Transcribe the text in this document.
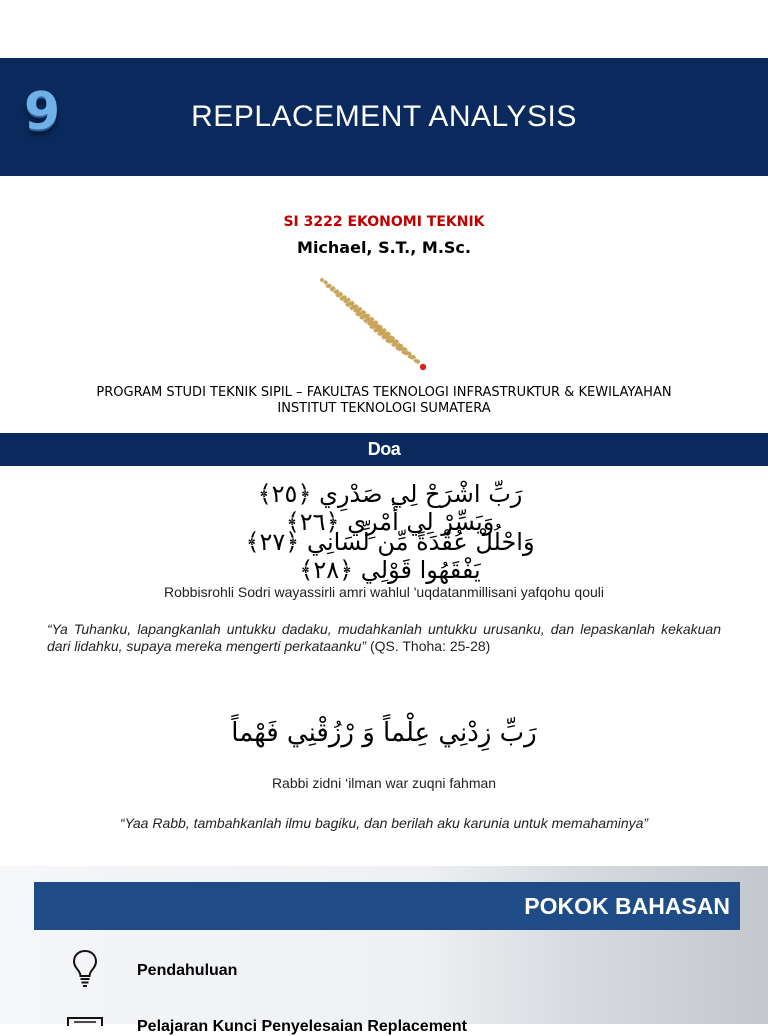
9	REPLACEMENT ANALYSIS
SI 3222 EKONOMI TEKNIK
Michael, S.T., M.Sc.
PROGRAM STUDI TEKNIK SIPIL – FAKULTAS TEKNOLOGI INFRASTRUKTUR & KEWILAYAHAN
INSTITUT TEKNOLOGI SUMATERA
Doa
رَبِّ اشْرَحْ لِي صَدْرِي ﴿٢٥﴾ وَيَسِّرْ لِي أَمْرِي ﴿٢٦﴾
وَاحْلُلْ عُقْدَةً مِّن لِّسَانِي ﴿٢٧﴾ يَفْقَهُوا قَوْلِي ﴿٢٨﴾
Robbisrohli Sodri wayassirli amri wahlul 'uqdatanmillisani yafqohu qouli
“Ya Tuhanku, lapangkanlah untukku dadaku, mudahkanlah untukku urusanku, dan lepaskanlah kekakuan dari lidahku, supaya mereka mengerti perkataanku” (QS. Thoha: 25-28)
رَبِّ زِدْنِي عِلْماً وَ رْزُقْنِي فَهْماً
Rabbi zidni ‘ilman war zuqni fahman
“Yaa Rabb, tambahkanlah ilmu bagiku, dan berilah aku karunia untuk memahaminya”
POKOK BAHASAN
Pendahuluan
Pelajaran Kunci Penyelesaian Replacement
